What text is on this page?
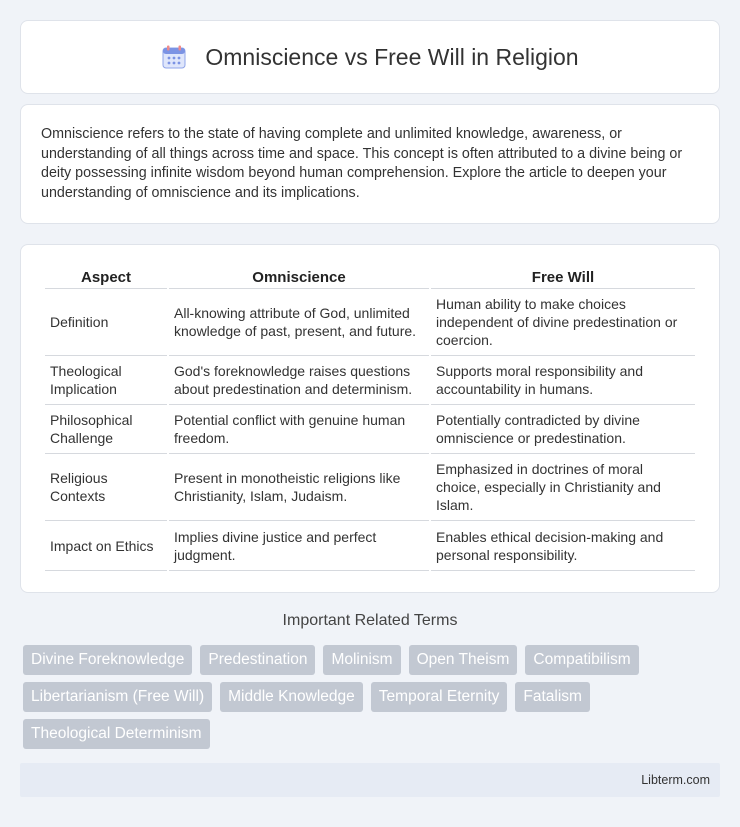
Omniscience vs Free Will in Religion

Omniscience refers to the state of having complete and unlimited knowledge, awareness, or understanding of all things across time and space. This concept is often attributed to a divine being or deity possessing infinite wisdom beyond human comprehension. Explore the article to deepen your understanding of omniscience and its implications.

Aspect	Omniscience	Free Will
Definition	All-knowing attribute of God, unlimited knowledge of past, present, and future.	Human ability to make choices independent of divine predestination or coercion.
Theological Implication	God's foreknowledge raises questions about predestination and determinism.	Supports moral responsibility and accountability in humans.
Philosophical Challenge	Potential conflict with genuine human freedom.	Potentially contradicted by divine omniscience or predestination.
Religious Contexts	Present in monotheistic religions like Christianity, Islam, Judaism.	Emphasized in doctrines of moral choice, especially in Christianity and Islam.
Impact on Ethics	Implies divine justice and perfect judgment.	Enables ethical decision-making and personal responsibility.
Important Related Terms
Divine Foreknowledge	Predestination	Molinism	Open Theism	Compatibilism
Libertarianism (Free Will)	Middle Knowledge	Temporal Eternity	Fatalism
Theological Determinism
Libterm.com
